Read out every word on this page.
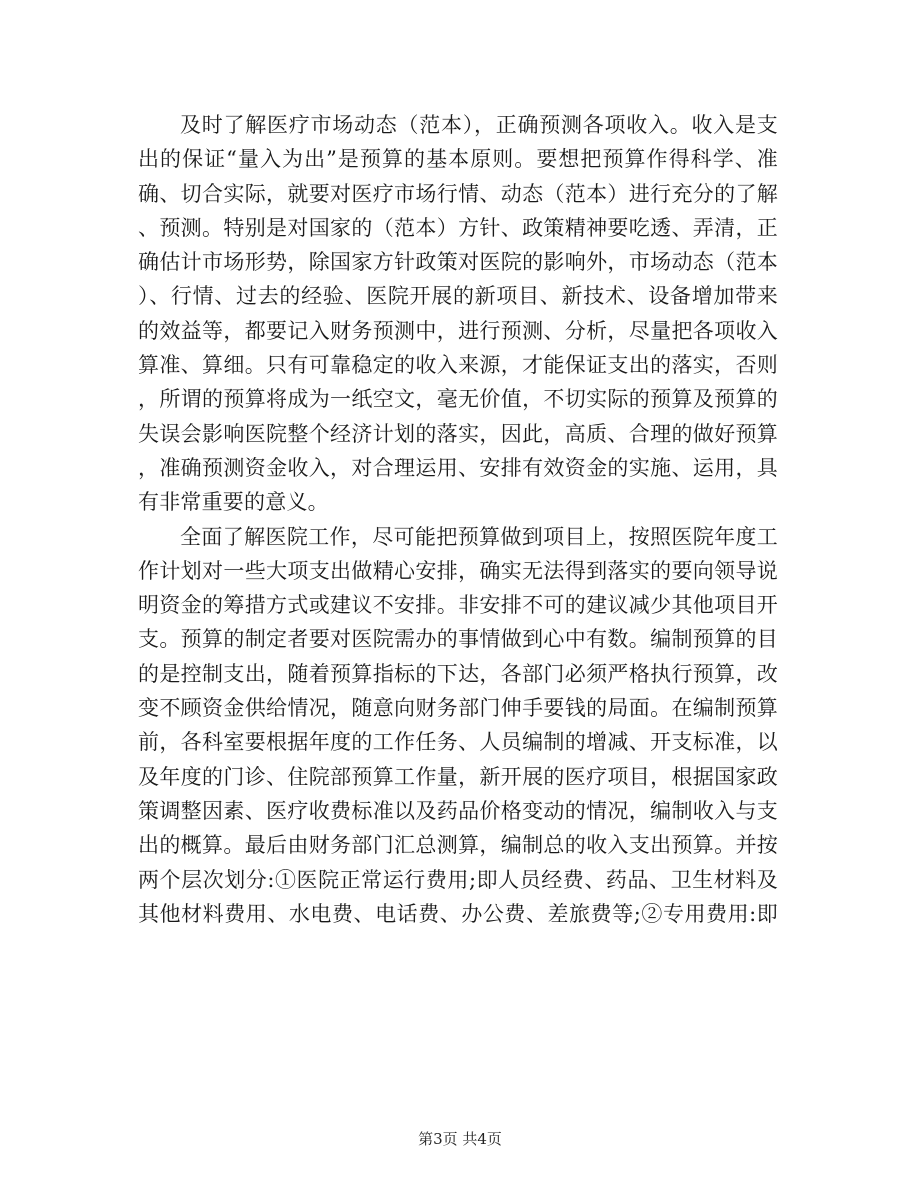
及时了解医疗市场动态（范本），正确预测各项收入。收入是支
出的保证“量入为出”是预算的基本原则。要想把预算作得科学、准
确、切合实际，就要对医疗市场行情、动态（范本）进行充分的了解
、预测。特别是对国家的（范本）方针、政策精神要吃透、弄清，正
确估计市场形势，除国家方针政策对医院的影响外，市场动态（范本
）、行情、过去的经验、医院开展的新项目、新技术、设备增加带来
的效益等，都要记入财务预测中，进行预测、分析，尽量把各项收入
算准、算细。只有可靠稳定的收入来源，才能保证支出的落实，否则
，所谓的预算将成为一纸空文，毫无价值，不切实际的预算及预算的
失误会影响医院整个经济计划的落实，因此，高质、合理的做好预算
，准确预测资金收入，对合理运用、安排有效资金的实施、运用，具
有非常重要的意义。
全面了解医院工作，尽可能把预算做到项目上，按照医院年度工
作计划对一些大项支出做精心安排，确实无法得到落实的要向领导说
明资金的筹措方式或建议不安排。非安排不可的建议减少其他项目开
支。预算的制定者要对医院需办的事情做到心中有数。编制预算的目
的是控制支出，随着预算指标的下达，各部门必须严格执行预算，改
变不顾资金供给情况，随意向财务部门伸手要钱的局面。在编制预算
前，各科室要根据年度的工作任务、人员编制的增减、开支标准，以
及年度的门诊、住院部预算工作量，新开展的医疗项目，根据国家政
策调整因素、医疗收费标准以及药品价格变动的情况，编制收入与支
出的概算。最后由财务部门汇总测算，编制总的收入支出预算。并按
两个层次划分:①医院正常运行费用;即人员经费、药品、卫生材料及
其他材料费用、水电费、电话费、办公费、差旅费等;②专用费用:即
第3页 共4页
